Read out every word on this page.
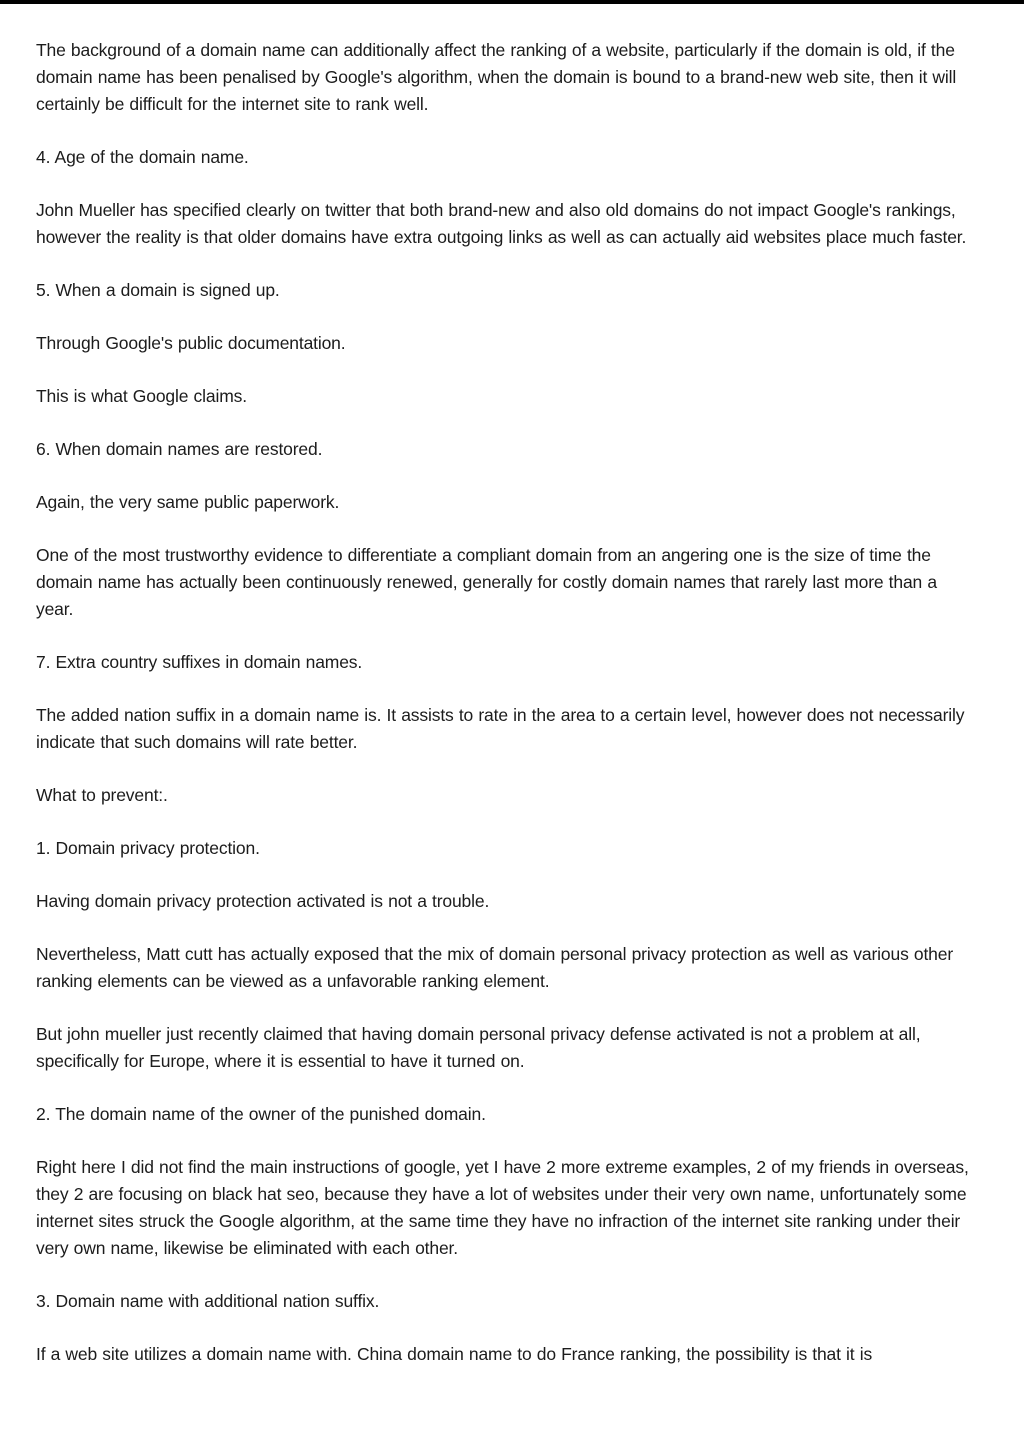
The background of a domain name can additionally affect the ranking of a website, particularly if the domain is old, if the domain name has been penalised by Google's algorithm, when the domain is bound to a brand-new web site, then it will certainly be difficult for the internet site to rank well.

4. Age of the domain name.

John Mueller has specified clearly on twitter that both brand-new and also old domains do not impact Google's rankings, however the reality is that older domains have extra outgoing links as well as can actually aid websites place much faster.

5. When a domain is signed up.

Through Google's public documentation.

This is what Google claims.

6. When domain names are restored.

Again, the very same public paperwork.

One of the most trustworthy evidence to differentiate a compliant domain from an angering one is the size of time the domain name has actually been continuously renewed, generally for costly domain names that rarely last more than a year.

7. Extra country suffixes in domain names.

The added nation suffix in a domain name is. It assists to rate in the area to a certain level, however does not necessarily indicate that such domains will rate better.

What to prevent:.

1. Domain privacy protection.

Having domain privacy protection activated is not a trouble.

Nevertheless, Matt cutt has actually exposed that the mix of domain personal privacy protection as well as various other ranking elements can be viewed as a unfavorable ranking element.

But john mueller just recently claimed that having domain personal privacy defense activated is not a problem at all, specifically for Europe, where it is essential to have it turned on.

2. The domain name of the owner of the punished domain.

Right here I did not find the main instructions of google, yet I have 2 more extreme examples, 2 of my friends in overseas, they 2 are focusing on black hat seo, because they have a lot of websites under their very own name, unfortunately some internet sites struck the Google algorithm, at the same time they have no infraction of the internet site ranking under their very own name, likewise be eliminated with each other.

3. Domain name with additional nation suffix.

If a web site utilizes a domain name with. China domain name to do France ranking, the possibility is that it is
